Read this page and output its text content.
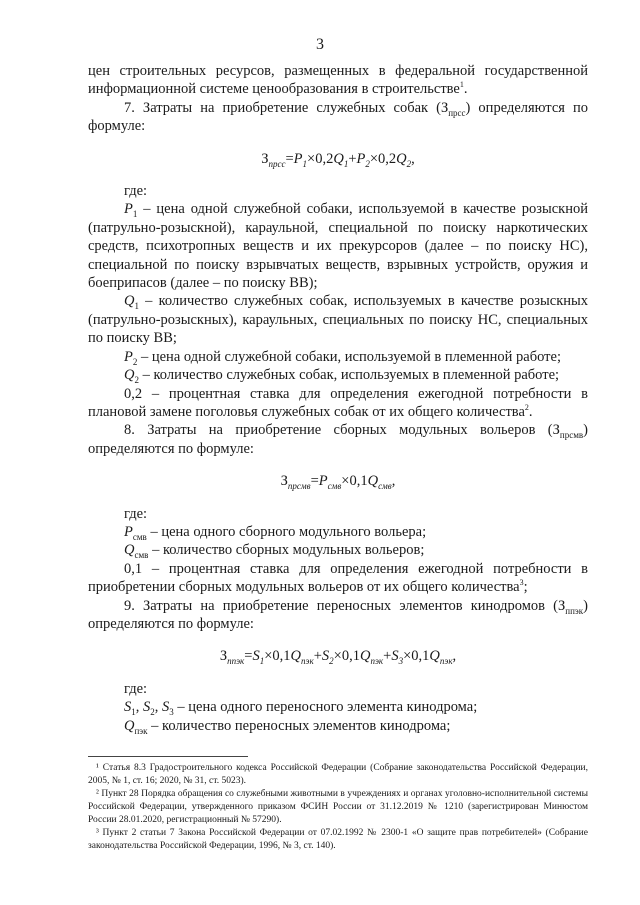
3

цен строительных ресурсов, размещенных в федеральной государственной информационной системе ценообразования в строительстве$^1$.

7. Затраты на приобретение служебных собак $(З_{прсс})$ определяются по формуле:

$З_{прсс}=P_1\times 0,2Q_1+P_2\times 0,2Q_2$,

где:

$P_1$ – цена одной служебной собаки, используемой в качестве розыскной (патрульно-розыскной), караульной, специальной по поиску наркотических средств, психотропных веществ и их прекурсоров (далее – по поиску НС), специальной по поиску взрывчатых веществ, взрывных устройств, оружия и боеприпасов (далее – по поиску ВВ);

$Q_1$ – количество служебных собак, используемых в качестве розыскных (патрульно-розыскных), караульных, специальных по поиску НС, специальных по поиску ВВ;

$P_2$ – цена одной служебной собаки, используемой в племенной работе;

$Q_2$ – количество служебных собак, используемых в племенной работе;

0,2 – процентная ставка для определения ежегодной потребности в плановой замене поголовья служебных собак от их общего количества$^2$.

8. Затраты на приобретение сборных модульных вольеров $(З_{прсмв})$ определяются по формуле:

$З_{прсмв}=P_{смв}\times 0,1Q_{смв}$,

где:

$P_{смв}$ – цена одного сборного модульного вольера;

$Q_{смв}$ – количество сборных модульных вольеров;

0,1 – процентная ставка для определения ежегодной потребности в приобретении сборных модульных вольеров от их общего количества$^3$;

9. Затраты на приобретение переносных элементов кинодромов $(З_{ппэк})$ определяются по формуле:

$З_{ппэк}=S_1\times 0,1Q_{пэк}+S_2\times 0,1Q_{пэк}+S_3\times 0,1Q_{пэк}$,

где:

$S_1$, $S_2$, $S_3$ – цена одного переносного элемента кинодрома;

$Q_{пэк}$ – количество переносных элементов кинодрома;

¹ Статья 8.3 Градостроительного кодекса Российской Федерации (Собрание законодательства Российской Федерации, 2005, № 1, ст. 16; 2020, № 31, ст. 5023).

² Пункт 28 Порядка обращения со служебными животными в учреждениях и органах уголовно-исполнительной системы Российской Федерации, утвержденного приказом ФСИН России от 31.12.2019 № 1210 (зарегистрирован Минюстом России 28.01.2020, регистрационный № 57290).

³ Пункт 2 статьи 7 Закона Российской Федерации от 07.02.1992 № 2300-1 «О защите прав потребителей» (Собрание законодательства Российской Федерации, 1996, № 3, ст. 140).
